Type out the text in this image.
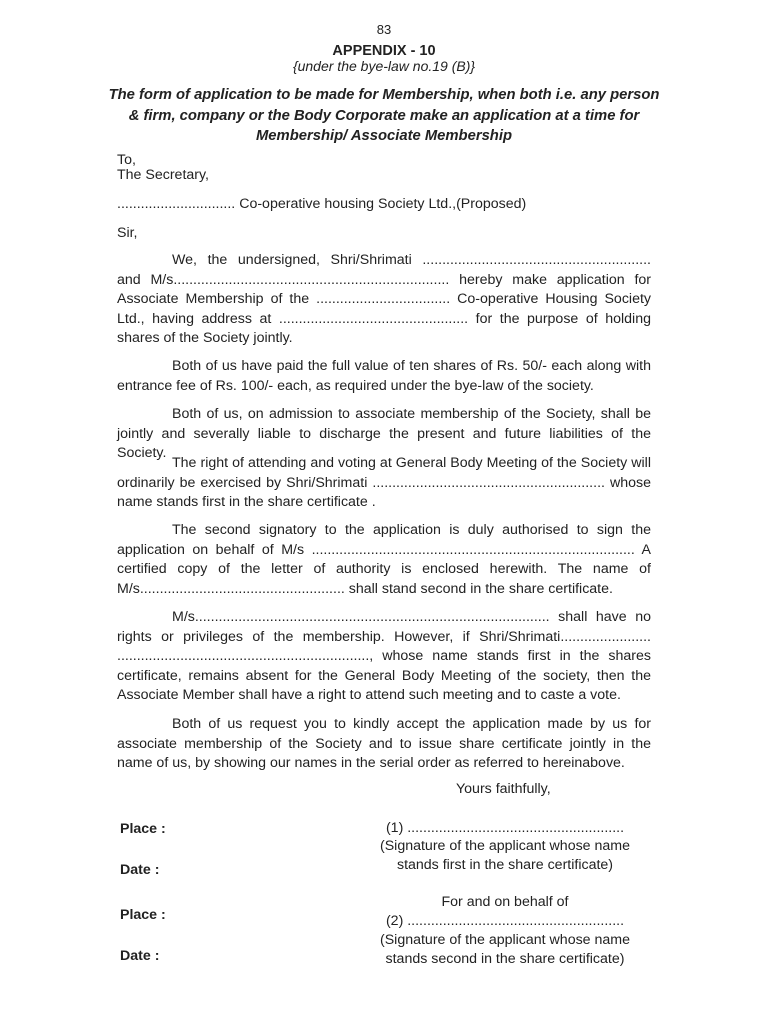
83
APPENDIX - 10
{under the bye-law no.19 (B)}
The form of application to be made for Membership, when both i.e. any person & firm, company or the Body Corporate make an application at a time for Membership/ Associate Membership
To,
The Secretary,
.............................. Co-operative housing Society Ltd.,(Proposed)
Sir,

We, the undersigned, Shri/Shrimati .......................................................... and M/s...................................................................... hereby make application for Associate Membership of the .................................. Co-operative Housing Society Ltd., having address at ................................................ for the purpose of holding shares of the Society jointly.

Both of us have paid the full value of ten shares of Rs. 50/- each along with entrance fee of Rs. 100/- each, as required under the bye-law of the society.

Both of us, on admission to associate membership of the Society, shall be jointly and severally liable to discharge the present and future liabilities of the Society.

The right of attending and voting at General Body Meeting of the Society will ordinarily be exercised by Shri/Shrimati ........................................................... whose name stands first in the share certificate .

The second signatory to the application is duly authorised to sign the application on behalf of M/s .................................................................................. A certified copy of the letter of authority is enclosed herewith. The name of M/s.................................................... shall stand second in the share certificate.

M/s.......................................................................................... shall have no rights or privileges of the membership. However, if Shri/Shrimati....................... ................................................................, whose name stands first in the shares certificate, remains absent for the General Body Meeting of the society, then the Associate Member shall have a right to attend such meeting and to caste a vote.

Both of us request you to kindly accept the application made by us for associate membership of the Society and to issue share certificate jointly in the name of us, by showing our names in the serial order as referred to hereinabove.

Yours faithfully,
Place :
Date :
Place :
Date :
(1) .......................................................
(Signature of the applicant whose name
stands first in the share certificate)
For and on behalf of
(2) .......................................................
(Signature of the applicant whose name
stands second in the share certificate)
